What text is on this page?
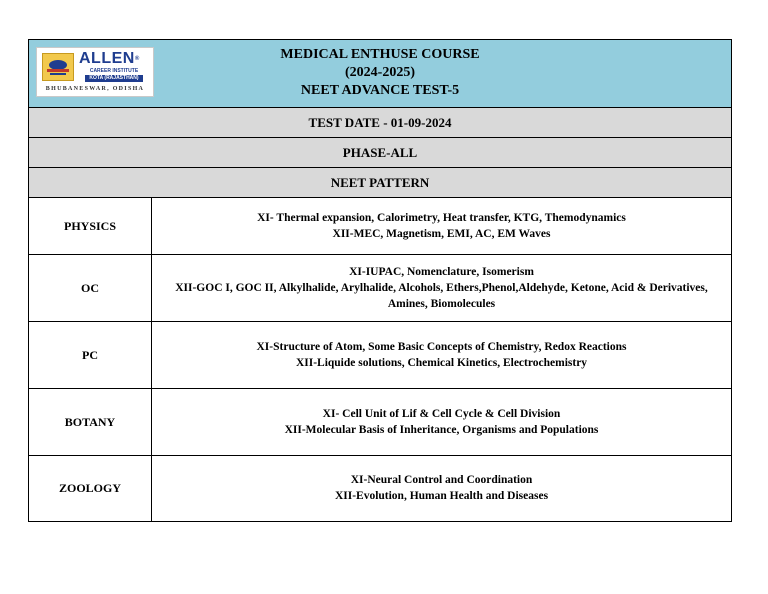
ALLEN®
CAREER INSTITUTE
KOTA (RAJASTHAN)
BHUBANESWAR, ODISHA
MEDICAL ENTHUSE COURSE
(2024-2025)
NEET ADVANCE TEST-5
TEST DATE - 01-09-2024
PHASE-ALL
NEET PATTERN
PHYSICS	XI- Thermal expansion, Calorimetry, Heat transfer, KTG, Themodynamics
XII-MEC, Magnetism, EMI, AC, EM Waves

OC	XI-IUPAC, Nomenclature, Isomerism
XII-GOC I, GOC II, Alkylhalide, Arylhalide, Alcohols, Ethers,Phenol,Aldehyde, Ketone, Acid & Derivatives, Amines, Biomolecules

PC	XI-Structure of Atom, Some Basic Concepts of Chemistry, Redox Reactions
XII-Liquide solutions, Chemical Kinetics, Electrochemistry

BOTANY	XI- Cell Unit of Lif & Cell Cycle & Cell Division
XII-Molecular Basis of Inheritance, Organisms and Populations

ZOOLOGY	XI-Neural Control and Coordination
XII-Evolution, Human Health and Diseases
